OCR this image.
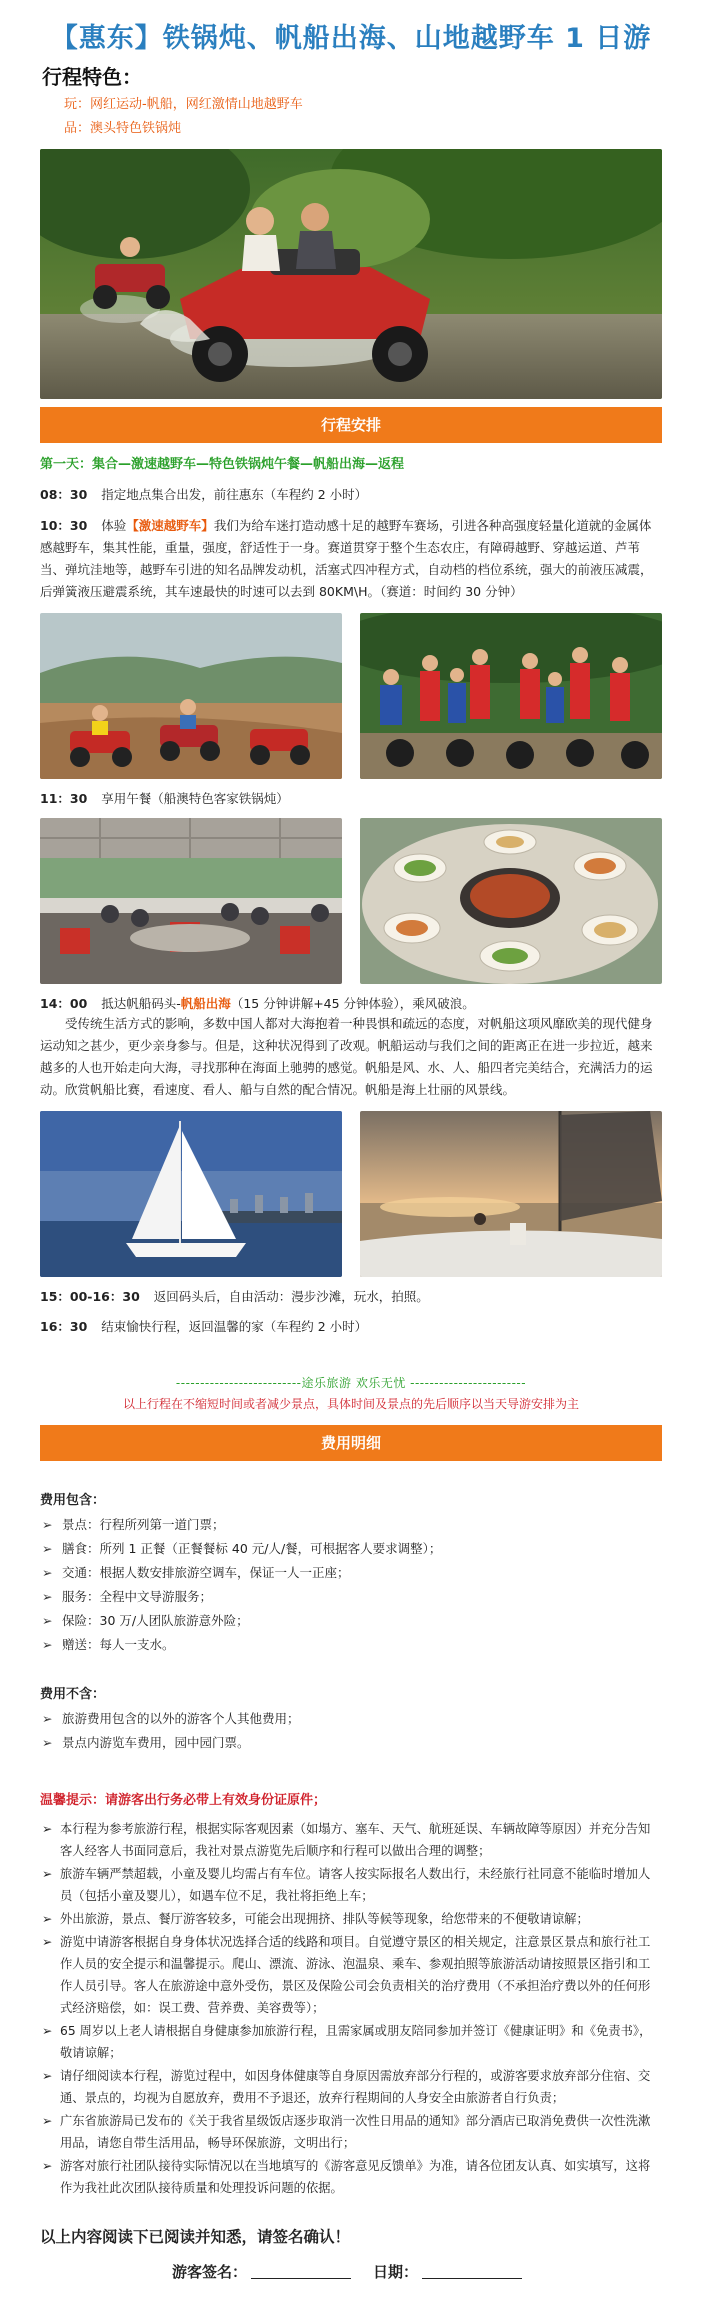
【惠东】铁锅炖、帆船出海、山地越野车 1 日游
行程特色：
玩：网红运动-帆船，网红激情山地越野车
品：澳头特色铁锅炖
行程安排
第一天：集合—激速越野车—特色铁锅炖午餐—帆船出海—返程
08：30 指定地点集合出发，前往惠东（车程约 2 小时）
10：30 体验【激速越野车】我们为给车迷打造动感十足的越野车赛场，引进各种高强度轻量化道就的金属体感越野车，集其性能，重量，强度，舒适性于一身。赛道贯穿于整个生态农庄，有障碍越野、穿越运道、芦苇当、弹坑洼地等，越野车引进的知名品牌发动机，活塞式四冲程方式，自动档的档位系统，强大的前液压减震，后弹簧液压避震系统，其车速最快的时速可以去到 80KM\H。（赛道：时间约 30 分钟）
11：30 享用午餐（船澳特色客家铁锅炖）
14：00 抵达帆船码头-帆船出海（15 分钟讲解+45 分钟体验），乘风破浪。
受传统生活方式的影响，多数中国人都对大海抱着一种畏惧和疏远的态度，对帆船这项风靡欧美的现代健身运动知之甚少，更少亲身参与。但是，这种状况得到了改观。帆船运动与我们之间的距离正在进一步拉近，越来越多的人也开始走向大海，寻找那种在海面上驰骋的感觉。帆船是风、水、人、船四者完美结合，充满活力的运动。欣赏帆船比赛，看速度、看人、船与自然的配合情况。帆船是海上壮丽的风景线。
15：00-16：30 返回码头后，自由活动：漫步沙滩，玩水，拍照。
16：30 结束愉快行程，返回温馨的家（车程约 2 小时）
--------------------------途乐旅游 欢乐无忧 ------------------------
以上行程在不缩短时间或者减少景点，具体时间及景点的先后顺序以当天导游安排为主
费用明细
费用包含：
➢ 景点：行程所列第一道门票；
➢ 膳食：所列 1 正餐（正餐餐标 40 元/人/餐，可根据客人要求调整）；
➢ 交通：根据人数安排旅游空调车，保证一人一正座；
➢ 服务：全程中文导游服务；
➢ 保险：30 万/人团队旅游意外险；
➢ 赠送：每人一支水。
费用不含：
➢ 旅游费用包含的以外的游客个人其他费用；
➢ 景点内游览车费用，园中园门票。
温馨提示：请游客出行务必带上有效身份证原件；
➢ 本行程为参考旅游行程，根据实际客观因素（如塌方、塞车、天气、航班延误、车辆故障等原因）并充分告知客人经客人书面同意后，我社对景点游览先后顺序和行程可以做出合理的调整；
➢ 旅游车辆严禁超载，小童及婴儿均需占有车位。请客人按实际报名人数出行，未经旅行社同意不能临时增加人员（包括小童及婴儿），如遇车位不足，我社将拒绝上车；
➢ 外出旅游，景点、餐厅游客较多，可能会出现拥挤、排队等候等现象，给您带来的不便敬请谅解；
➢ 游览中请游客根据自身身体状况选择合适的线路和项目。自觉遵守景区的相关规定，注意景区景点和旅行社工作人员的安全提示和温馨提示。爬山、漂流、游泳、泡温泉、乘车、参观拍照等旅游活动请按照景区指引和工作人员引导。客人在旅游途中意外受伤，景区及保险公司会负责相关的治疗费用（不承担治疗费以外的任何形式经济赔偿，如：误工费、营养费、美容费等）；
➢ 65 周岁以上老人请根据自身健康参加旅游行程，且需家属或朋友陪同参加并签订《健康证明》和《免责书》，敬请谅解；
➢ 请仔细阅读本行程，游览过程中，如因身体健康等自身原因需放弃部分行程的，或游客要求放弃部分住宿、交通、景点的，均视为自愿放弃，费用不予退还，放弃行程期间的人身安全由旅游者自行负责；
➢ 广东省旅游局已发布的《关于我省星级饭店逐步取消一次性日用品的通知》部分酒店已取消免费供一次性洗漱用品，请您自带生活用品，畅导环保旅游，文明出行；
➢ 游客对旅行社团队接待实际情况以在当地填写的《游客意见反馈单》为准，请各位团友认真、如实填写，这将作为我社此次团队接待质量和处理投诉问题的依据。
以上内容阅读下已阅读并知悉，请签名确认！
游客签名：	日期：
